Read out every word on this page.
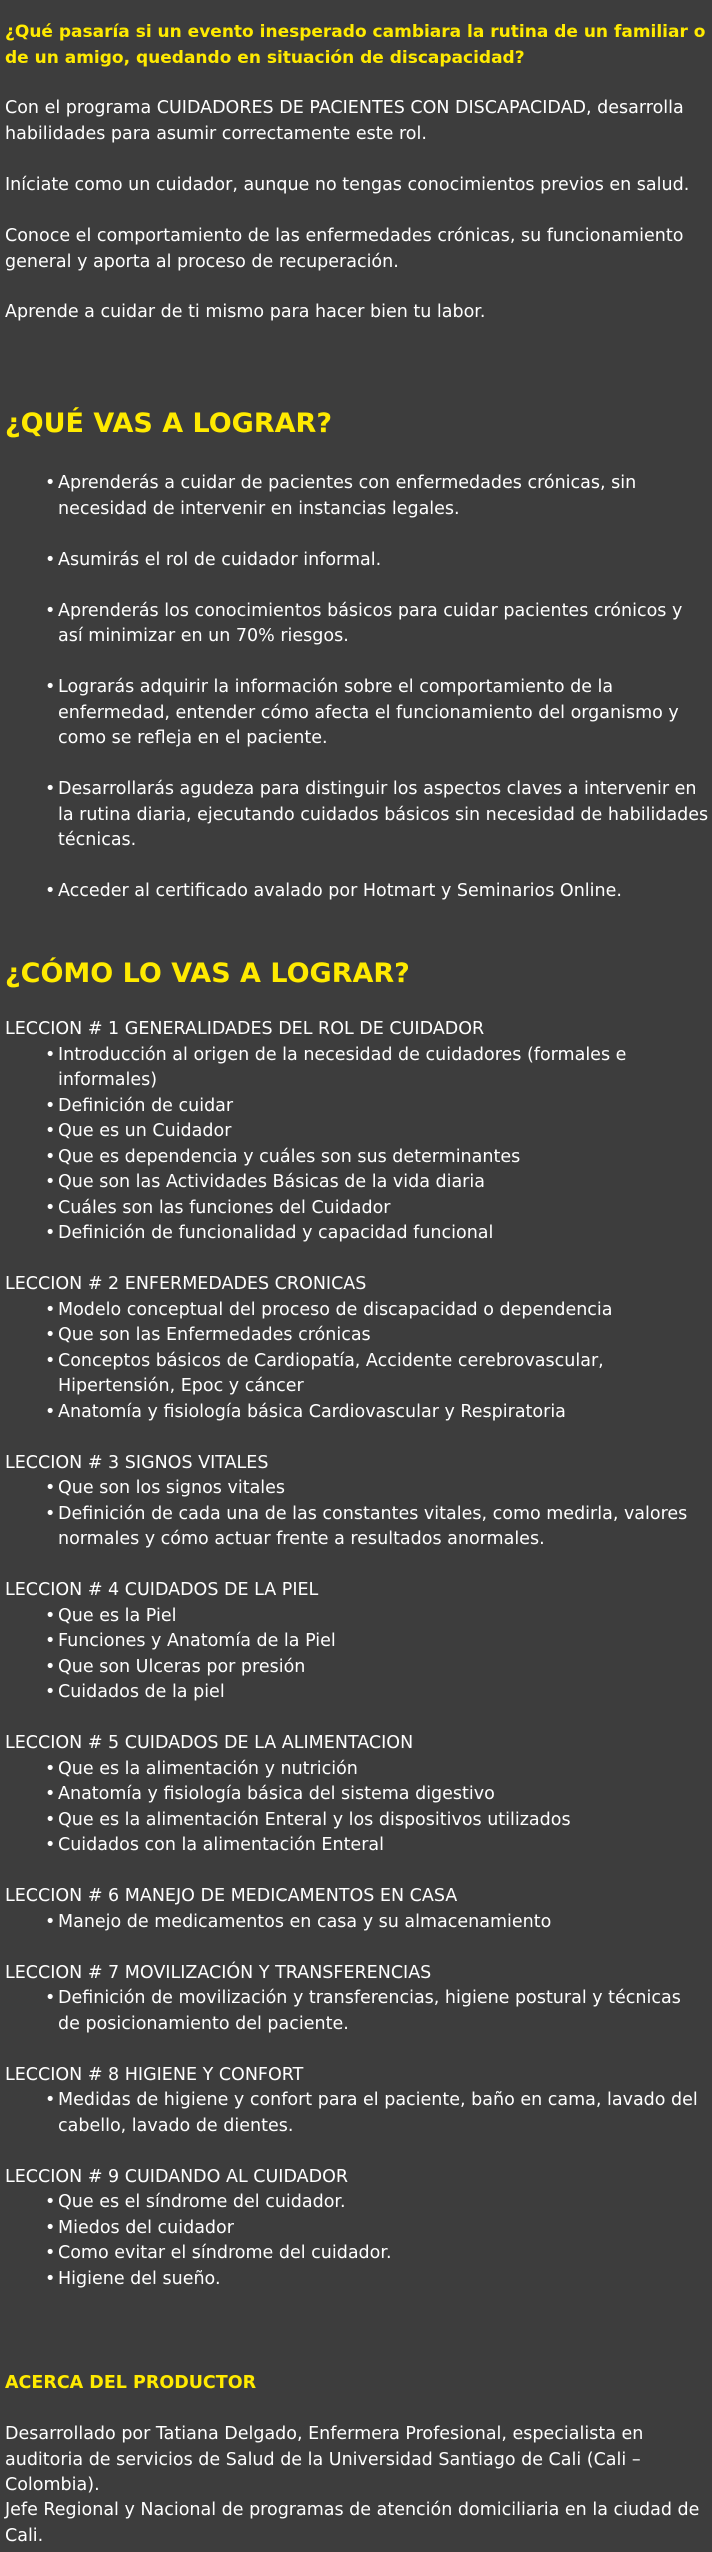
¿Qué pasaría si un evento inesperado cambiara la rutina de un familiar o de un amigo, quedando en situación de discapacidad?

Con el programa CUIDADORES DE PACIENTES CON DISCAPACIDAD, desarrolla habilidades para asumir correctamente este rol.

Iníciate como un cuidador, aunque no tengas conocimientos previos en salud.

Conoce el comportamiento de las enfermedades crónicas, su funcionamiento general y aporta al proceso de recuperación.

Aprende a cuidar de ti mismo para hacer bien tu labor.

¿QUÉ VAS A LOGRAR?
• Aprenderás a cuidar de pacientes con enfermedades crónicas, sin necesidad de intervenir en instancias legales.
• Asumirás el rol de cuidador informal.
• Aprenderás los conocimientos básicos para cuidar pacientes crónicos y así minimizar en un 70% riesgos.
• Lograrás adquirir la información sobre el comportamiento de la enfermedad, entender cómo afecta el funcionamiento del organismo y como se refleja en el paciente.
• Desarrollarás agudeza para distinguir los aspectos claves a intervenir en la rutina diaria, ejecutando cuidados básicos sin necesidad de habilidades técnicas.
• Acceder al certificado avalado por Hotmart y Seminarios Online.
¿CÓMO LO VAS A LOGRAR?

LECCION # 1 GENERALIDADES DEL ROL DE CUIDADOR

• Introducción al origen de la necesidad de cuidadores (formales e informales)
• Definición de cuidar
• Que es un Cuidador
• Que es dependencia y cuáles son sus determinantes
• Que son las Actividades Básicas de la vida diaria
• Cuáles son las funciones del Cuidador
• Definición de funcionalidad y capacidad funcional

LECCION # 2 ENFERMEDADES CRONICAS

• Modelo conceptual del proceso de discapacidad o dependencia
• Que son las Enfermedades crónicas
• Conceptos básicos de Cardiopatía, Accidente cerebrovascular, Hipertensión, Epoc y cáncer
• Anatomía y fisiología básica Cardiovascular y Respiratoria

LECCION # 3 SIGNOS VITALES

• Que son los signos vitales
• Definición de cada una de las constantes vitales, como medirla, valores normales y cómo actuar frente a resultados anormales.

LECCION # 4 CUIDADOS DE LA PIEL

• Que es la Piel
• Funciones y Anatomía de la Piel
• Que son Ulceras por presión
• Cuidados de la piel

LECCION # 5 CUIDADOS DE LA ALIMENTACION

• Que es la alimentación y nutrición
• Anatomía y fisiología básica del sistema digestivo
• Que es la alimentación Enteral y los dispositivos utilizados
• Cuidados con la alimentación Enteral

LECCION # 6 MANEJO DE MEDICAMENTOS EN CASA

• Manejo de medicamentos en casa y su almacenamiento

LECCION # 7 MOVILIZACIÓN Y TRANSFERENCIAS

• Definición de movilización y transferencias, higiene postural y técnicas de posicionamiento del paciente.

LECCION # 8 HIGIENE Y CONFORT

• Medidas de higiene y confort para el paciente, baño en cama, lavado del cabello, lavado de dientes.

LECCION # 9 CUIDANDO AL CUIDADOR

• Que es el síndrome del cuidador.
• Miedos del cuidador
• Como evitar el síndrome del cuidador.
• Higiene del sueño.
ACERCA DEL PRODUCTOR

Desarrollado por Tatiana Delgado, Enfermera Profesional, especialista en auditoria de servicios de Salud de la Universidad Santiago de Cali (Cali – Colombia).

Jefe Regional y Nacional de programas de atención domiciliaria en la ciudad de Cali.
